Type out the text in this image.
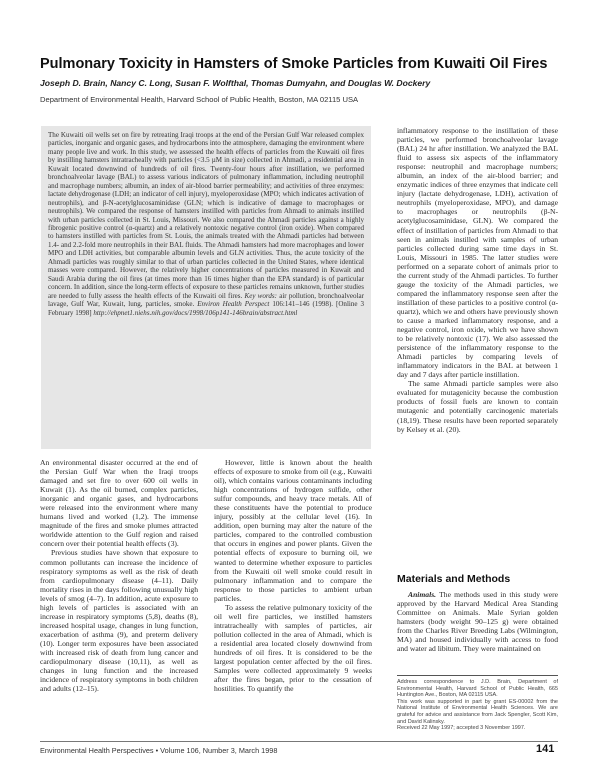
Pulmonary Toxicity in Hamsters of Smoke Particles from Kuwaiti Oil Fires
Joseph D. Brain, Nancy C. Long, Susan F. Wolfthal, Thomas Dumyahn, and Douglas W. Dockery
Department of Environmental Health, Harvard School of Public Health, Boston, MA 02115 USA
The Kuwaiti oil wells set on fire by retreating Iraqi troops at the end of the Persian Gulf War released complex particles, inorganic and organic gases, and hydrocarbons into the atmosphere, damaging the environment where many people live and work. In this study, we assessed the health effects of particles from the Kuwaiti oil fires by instilling hamsters intratracheally with particles (<3.5 µM in size) collected in Ahmadi, a residential area in Kuwait located downwind of hundreds of oil fires. Twenty-four hours after instillation, we performed bronchoalveolar lavage (BAL) to assess various indicators of pulmonary inflammation, including neutrophil and macrophage numbers; albumin, an index of air-blood barrier permeability; and activities of three enzymes: lactate dehydrogenase (LDH; an indicator of cell injury), myeloperoxidase (MPO; which indicates activation of neutrophils), and β-N-acetylglucosaminidase (GLN; which is indicative of damage to macrophages or neutrophils). We compared the response of hamsters instilled with particles from Ahmadi to animals instilled with urban particles collected in St. Louis, Missouri. We also compared the Ahmadi particles against a highly fibrogenic positive control (α-quartz) and a relatively nontoxic negative control (iron oxide). When compared to hamsters instilled with particles from St. Louis, the animals treated with the Ahmadi particles had between 1.4- and 2.2-fold more neutrophils in their BAL fluids. The Ahmadi hamsters had more macrophages and lower MPO and LDH activities, but comparable albumin levels and GLN activities. Thus, the acute toxicity of the Ahmadi particles was roughly similar to that of urban particles collected in the United States, where identical masses were compared. However, the relatively higher concentrations of particles measured in Kuwait and Saudi Arabia during the oil fires (at times more than 16 times higher than the EPA standard) is of particular concern. In addition, since the long-term effects of exposure to these particles remains unknown, further studies are needed to fully assess the health effects of the Kuwaiti oil fires. Key words: air pollution, bronchoalveolar lavage, Gulf War, Kuwait, lung, particles, smoke. Environ Health Perspect 106:141–146 (1998). [Online 3 February 1998] http://ehpnet1.niehs.nih.gov/docs/1998/106p141-146brain/abstract.html

An environmental disaster occurred at the end of the Persian Gulf War when the Iraqi troops damaged and set fire to over 600 oil wells in Kuwait (1). As the oil burned, complex particles, inorganic and organic gases, and hydrocarbons were released into the environment where many humans lived and worked (1,2). The immense magnitude of the fires and smoke plumes attracted worldwide attention to the Gulf region and raised concern over their potential health effects (3).

Previous studies have shown that exposure to common pollutants can increase the incidence of respiratory symptoms as well as the risk of death from cardiopulmonary disease (4–11). Daily mortality rises in the days following unusually high levels of smog (4–7). In addition, acute exposure to high levels of particles is associated with an increase in respiratory symptoms (5,8), deaths (8), increased hospital usage, changes in lung function, exacerbation of asthma (9), and preterm delivery (10). Longer term exposures have been associated with increased risk of death from lung cancer and cardiopulmonary disease (10,11), as well as changes in lung function and the increased incidence of respiratory symptoms in both children and adults (12–15).

However, little is known about the health effects of exposure to smoke from oil (e.g., Kuwaiti oil), which contains various contaminants including high concentrations of hydrogen sulfide, other sulfur compounds, and heavy trace metals. All of these constituents have the potential to produce injury, possibly at the cellular level (16). In addition, open burning may alter the nature of the particles, compared to the controlled combustion that occurs in engines and power plants. Given the potential effects of exposure to burning oil, we wanted to determine whether exposure to particles from the Kuwaiti oil well smoke could result in pulmonary inflammation and to compare the response to those particles to ambient urban particles.

To assess the relative pulmonary toxicity of the oil well fire particles, we instilled hamsters intratracheally with samples of particles, air pollution collected in the area of Ahmadi, which is a residential area located closely downwind from hundreds of oil fires. It is considered to be the largest population center affected by the oil fires. Samples were collected approximately 9 weeks after the fires began, prior to the cessation of hostilities. To quantify the

inflammatory response to the instillation of these particles, we performed bronchoalveolar lavage (BAL) 24 hr after instillation. We analyzed the BAL fluid to assess six aspects of the inflammatory response: neutrophil and macrophage numbers; albumin, an index of the air-blood barrier; and enzymatic indices of three enzymes that indicate cell injury (lactate dehydrogenase, LDH), activation of neutrophils (myeloperoxidase, MPO), and damage to macrophages or neutrophils (β-N-acetylglucosaminidase, GLN). We compared the effect of instillation of particles from Ahmadi to that seen in animals instilled with samples of urban particles collected during same time days in St. Louis, Missouri in 1985. The latter studies were performed on a separate cohort of animals prior to the current study of the Ahmadi particles. To further gauge the toxicity of the Ahmadi particles, we compared the inflammatory response seen after the instillation of these particles to a positive control (α-quartz), which we and others have previously shown to cause a marked inflammatory response, and a negative control, iron oxide, which we have shown to be relatively nontoxic (17). We also assessed the persistence of the inflammatory response to the Ahmadi particles by comparing levels of inflammatory indicators in the BAL at between 1 day and 7 days after particle instillation.

The same Ahmadi particle samples were also evaluated for mutagenicity because the combustion products of fossil fuels are known to contain mutagenic and potentially carcinogenic materials (18,19). These results have been reported separately by Kelsey et al. (20).

Materials and Methods

Animals. The methods used in this study were approved by the Harvard Medical Area Standing Committee on Animals. Male Syrian golden hamsters (body weight 90–125 g) were obtained from the Charles River Breeding Labs (Wilmington, MA) and housed individually with access to food and water ad libitum. They were maintained on

Address correspondence to J.D. Brain, Department of Environmental Health, Harvard School of Public Health, 665 Huntington Ave., Boston, MA 02115 USA.

This work was supported in part by grant ES-00002 from the National Institute of Environmental Health Sciences. We are grateful for advice and assistance from Jack Spengler, Scott Kim, and David Kalinsky.

Received 22 May 1997; accepted 3 November 1997.

Environmental Health Perspectives • Volume 106, Number 3, March 1998	141
